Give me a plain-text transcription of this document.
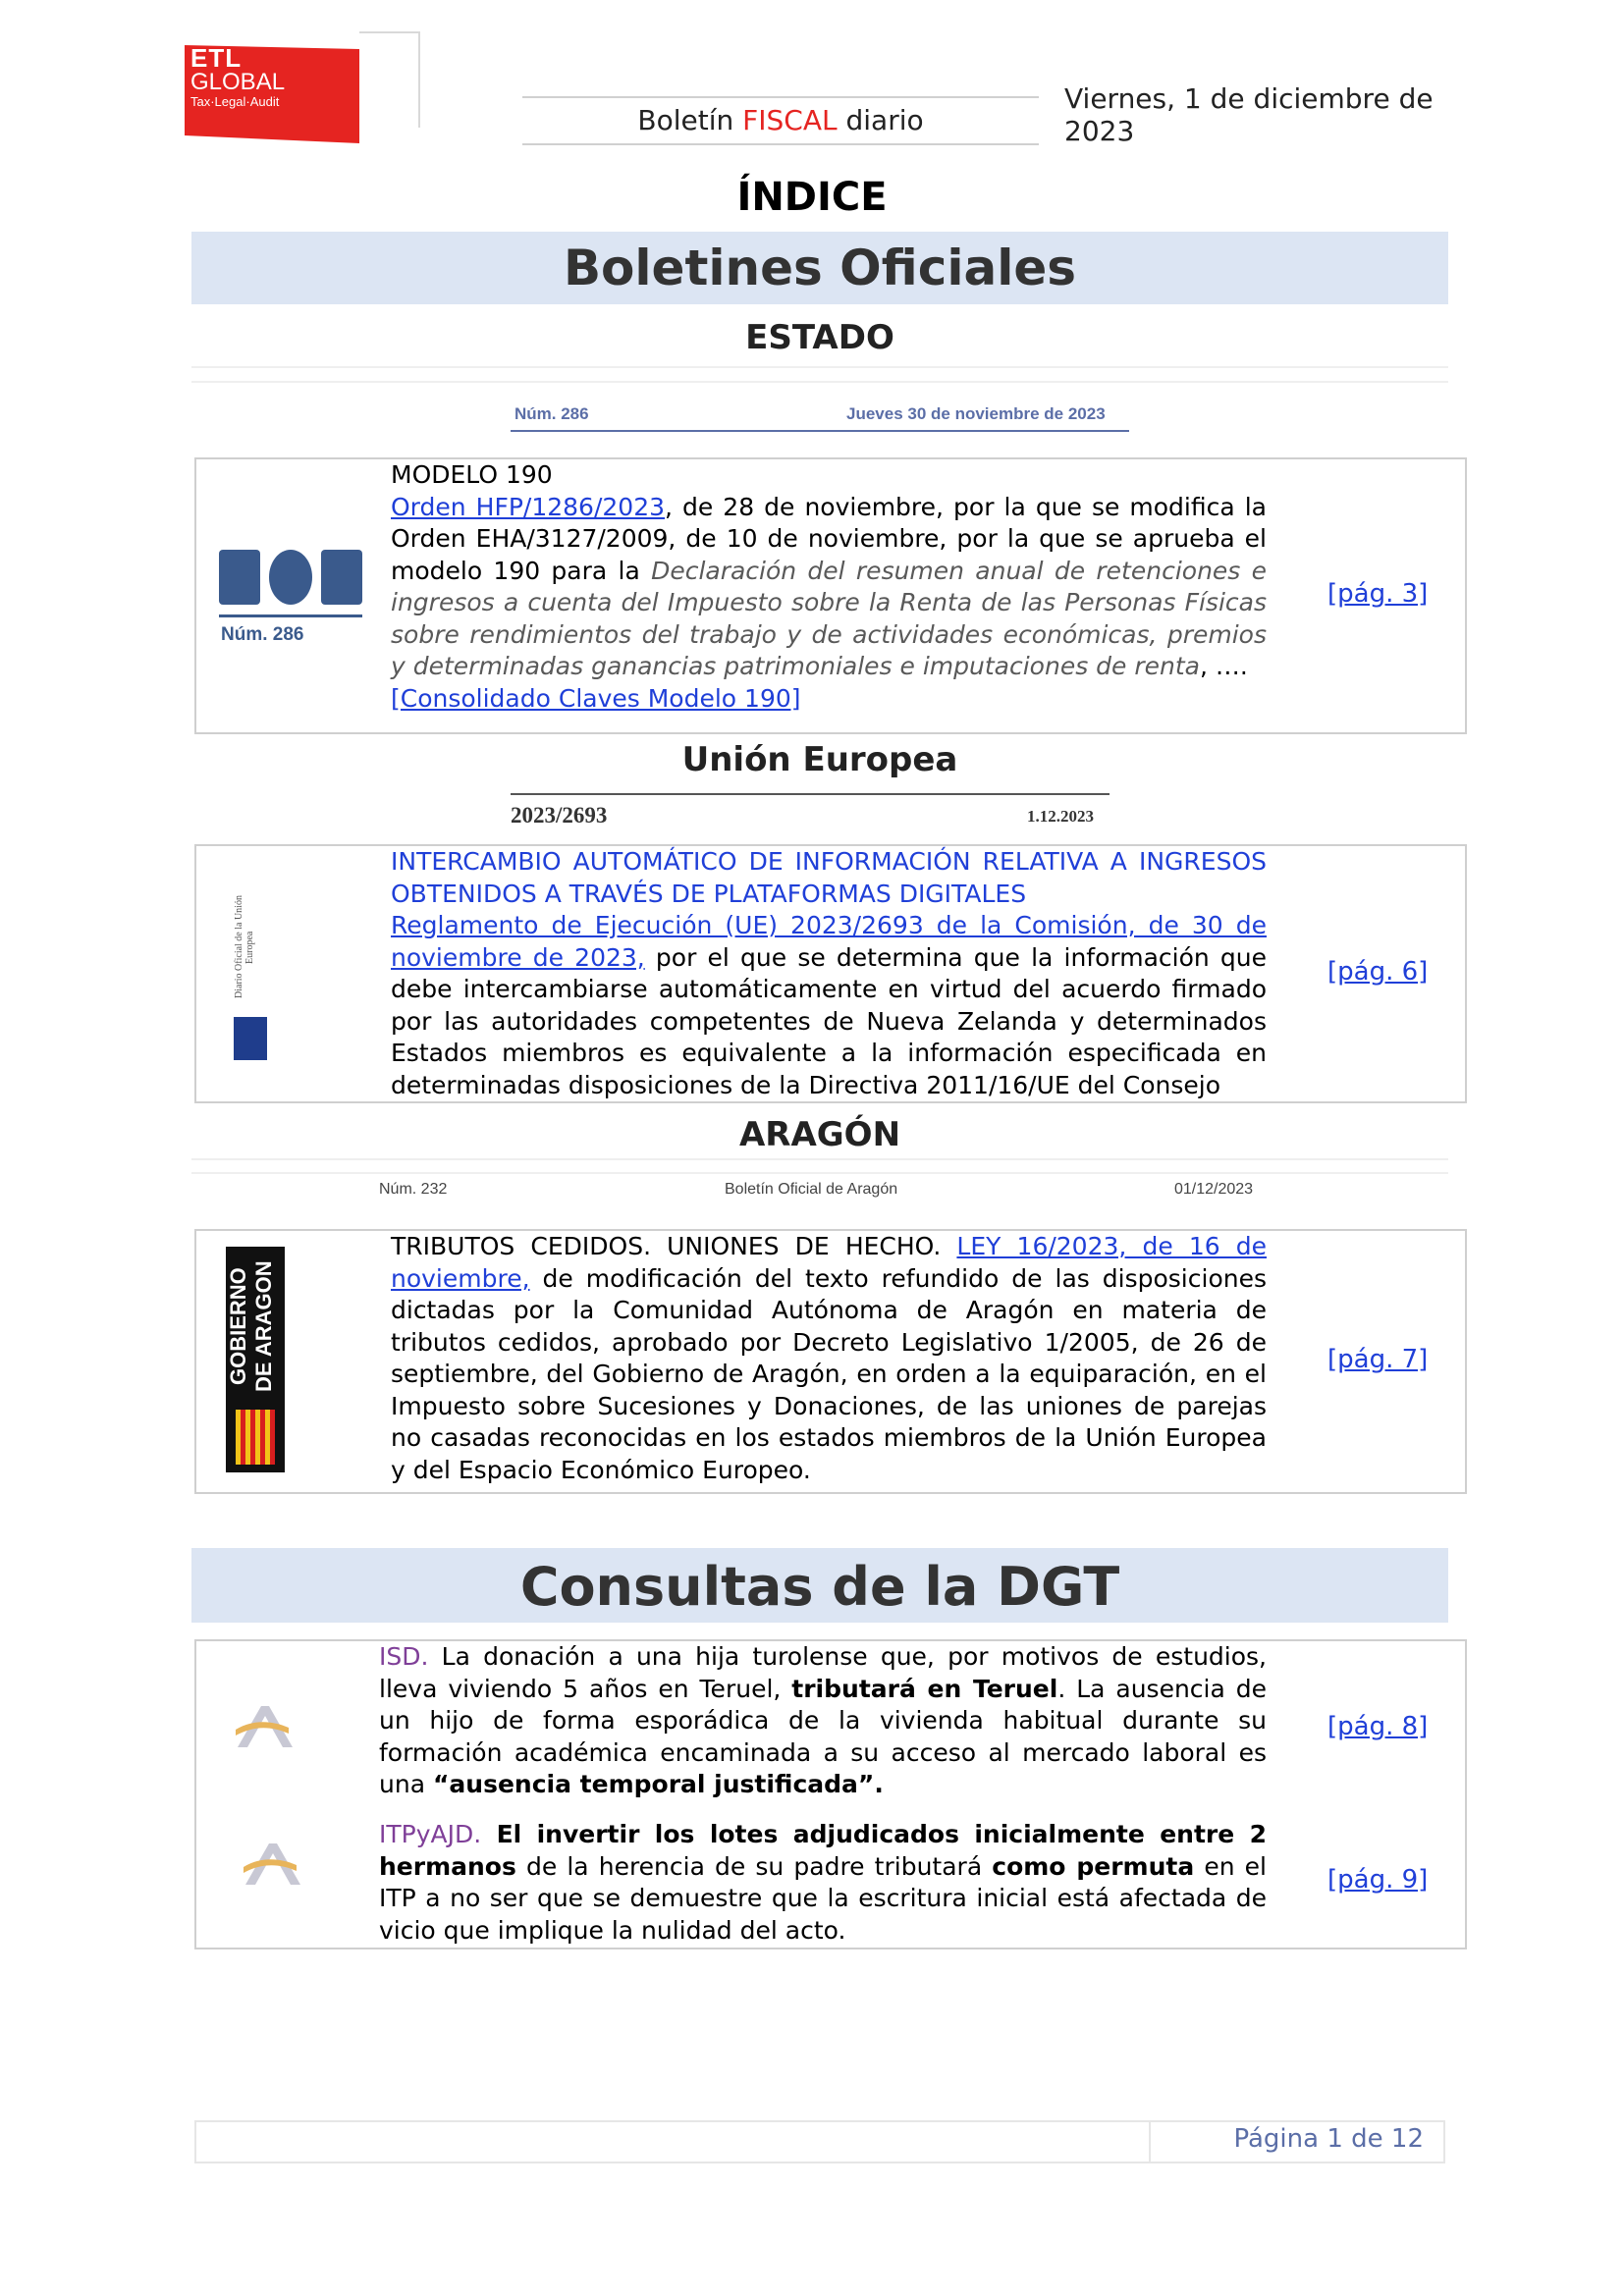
ETL
GLOBAL
Tax·Legal·Audit
Boletín FISCAL diario
Viernes, 1 de diciembre de 2023
ÍNDICE
Boletines Oficiales
ESTADO
Núm. 286	Jueves 30 de noviembre de 2023
Núm. 286
MODELO 190
Orden HFP/1286/2023, de 28 de noviembre, por la que se modifica la Orden EHA/3127/2009, de 10 de noviembre, por la que se aprueba el modelo 190 para la Declaración del resumen anual de retenciones e ingresos a cuenta del Impuesto sobre la Renta de las Personas Físicas sobre rendimientos del trabajo y de actividades económicas, premios y determinadas ganancias patrimoniales e imputaciones de renta, ….
[Consolidado Claves Modelo 190]
[pág. 3]
Unión Europea
2023/2693	1.12.2023
Diario Oficial de la Unión Europea
INTERCAMBIO AUTOMÁTICO DE INFORMACIÓN RELATIVA A INGRESOS OBTENIDOS A TRAVÉS DE PLATAFORMAS DIGITALES
Reglamento de Ejecución (UE) 2023/2693 de la Comisión, de 30 de noviembre de 2023, por el que se determina que la información que debe intercambiarse automáticamente en virtud del acuerdo firmado por las autoridades competentes de Nueva Zelanda y determinados Estados miembros es equivalente a la información especificada en determinadas disposiciones de la Directiva 2011/16/UE del Consejo
[pág. 6]
ARAGÓN
Núm. 232	Boletín Oficial de Aragón	01/12/2023
GOBIERNO DE ARAGON
TRIBUTOS CEDIDOS. UNIONES DE HECHO. LEY 16/2023, de 16 de noviembre, de modificación del texto refundido de las disposiciones dictadas por la Comunidad Autónoma de Aragón en materia de tributos cedidos, aprobado por Decreto Legislativo 1/2005, de 26 de septiembre, del Gobierno de Aragón, en orden a la equiparación, en el Impuesto sobre Sucesiones y Donaciones, de las uniones de parejas no casadas reconocidas en los estados miembros de la Unión Europea y del Espacio Económico Europeo.
[pág. 7]
Consultas de la DGT
ISD. La donación a una hija turolense que, por motivos de estudios, lleva viviendo 5 años en Teruel, tributará en Teruel. La ausencia de un hijo de forma esporádica de la vivienda habitual durante su formación académica encaminada a su acceso al mercado laboral es una “ausencia temporal justificada”.
[pág. 8]
ITPyAJD. El invertir los lotes adjudicados inicialmente entre 2 hermanos de la herencia de su padre tributará como permuta en el ITP a no ser que se demuestre que la escritura inicial está afectada de vicio que implique la nulidad del acto.
[pág. 9]
Página 1 de 12
